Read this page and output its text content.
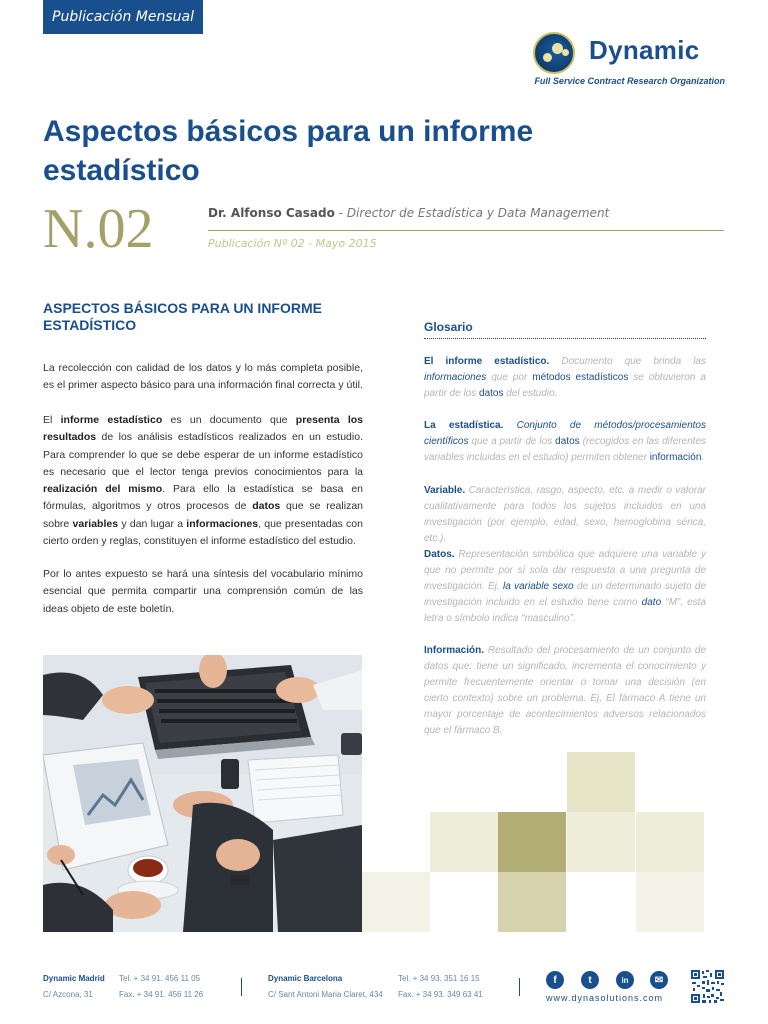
Publicación Mensual
Dynamic
Full Service Contract Research Organization
Aspectos básicos para un informe estadístico
N.02	Dr. Alfonso Casado - Director de Estadística y Data Management
Publicación Nº 02 - Mayo 2015
ASPECTOS BÁSICOS PARA UN INFORME ESTADÍSTICO

La recolección con calidad de los datos y lo más completa posible, es el primer aspecto básico para una información final correcta y útil.

El informe estadístico es un documento que presenta los resultados de los análisis estadísticos realizados en un estudio. Para comprender lo que se debe esperar de un informe estadístico es necesario que el lector tenga previos conocimientos para la realización del mismo. Para ello la estadística se basa en fórmulas, algoritmos y otros procesos de datos que se realizan sobre variables y dan lugar a informaciones, que presentadas con cierto orden y reglas, constituyen el informe estadístico del estudio.

Por lo antes expuesto se hará una síntesis del vocabulario mínimo esencial que permita compartir una comprensión común de las ideas objeto de este boletín.

Glosario

El informe estadístico. Documento que brinda las informaciones que por métodos estadísticos se obtuvieron a partir de los datos del estudio.

La estadística. Conjunto de métodos/procesamientos científicos que a partir de los datos (recogidos en las diferentes variables incluidas en el estudio) permiten obtener información.

Variable. Característica, rasgo, aspecto, etc. a medir o valorar cualitativamente para todos los sujetos incluidos en una investigación (por ejemplo, edad, sexo, hemoglobina sérica, etc.).

Datos. Representación simbólica que adquiere una variable y que no permite por sí sola dar respuesta a una pregunta de investigación. Ej, la variable sexo de un determinado sujeto de investigación incluido en el estudio tiene como dato “M”, esta letra o símbolo indica “masculino”.

Información. Resultado del procesamiento de un conjunto de datos que: tiene un significado, incrementa el conocimiento y permite frecuentemente orientar o tomar una decisión (en cierto contexto) sobre un problema. Ej, El fármaco A tiene un mayor porcentaje de acontecimientos adversos relacionados que el fármaco B.

Dynamic Madrid
C/ Azcona, 31
Tel. + 34 91. 456 11 05
Fax. + 34 91. 456 11 26
Dynamic Barcelona
C/ Sant Antoni Maria Claret, 434
Tel. + 34 93. 351 16 15
Fax. + 34 93. 349 63 41
f	t	in	✉
www.dynasolutions.com
